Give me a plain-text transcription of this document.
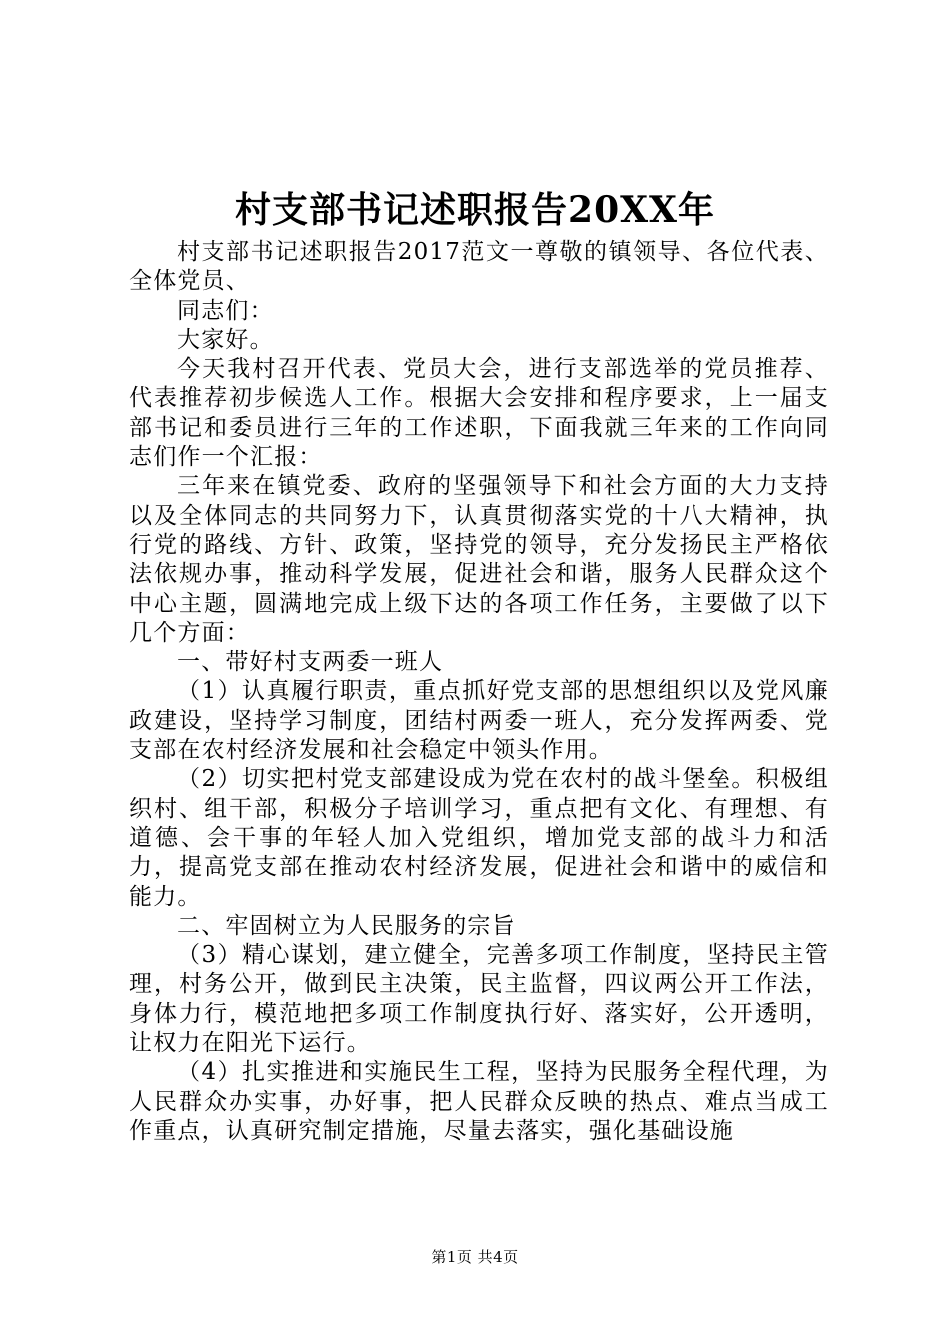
村支部书记述职报告20XX年

村支部书记述职报告2017范文一尊敬的镇领导、各位代表、全体党员、

同志们：

大家好。

今天我村召开代表、党员大会，进行支部选举的党员推荐、代表推荐初步候选人工作。根据大会安排和程序要求，上一届支部书记和委员进行三年的工作述职，下面我就三年来的工作向同志们作一个汇报：

三年来在镇党委、政府的坚强领导下和社会方面的大力支持以及全体同志的共同努力下，认真贯彻落实党的十八大精神，执行党的路线、方针、政策，坚持党的领导，充分发扬民主严格依法依规办事，推动科学发展，促进社会和谐，服务人民群众这个中心主题，圆满地完成上级下达的各项工作任务，主要做了以下几个方面：

一、带好村支两委一班人

（1）认真履行职责，重点抓好党支部的思想组织以及党风廉政建设，坚持学习制度，团结村两委一班人，充分发挥两委、党支部在农村经济发展和社会稳定中领头作用。

（2）切实把村党支部建设成为党在农村的战斗堡垒。积极组织村、组干部，积极分子培训学习，重点把有文化、有理想、有道德、会干事的年轻人加入党组织，增加党支部的战斗力和活力，提高党支部在推动农村经济发展，促进社会和谐中的威信和能力。

二、牢固树立为人民服务的宗旨

（3）精心谋划，建立健全，完善多项工作制度，坚持民主管理，村务公开，做到民主决策，民主监督，四议两公开工作法，身体力行，模范地把多项工作制度执行好、落实好，公开透明，让权力在阳光下运行。

（4）扎实推进和实施民生工程，坚持为民服务全程代理，为人民群众办实事，办好事，把人民群众反映的热点、难点当成工作重点，认真研究制定措施，尽量去落实，强化基础设施

第1页 共4页
